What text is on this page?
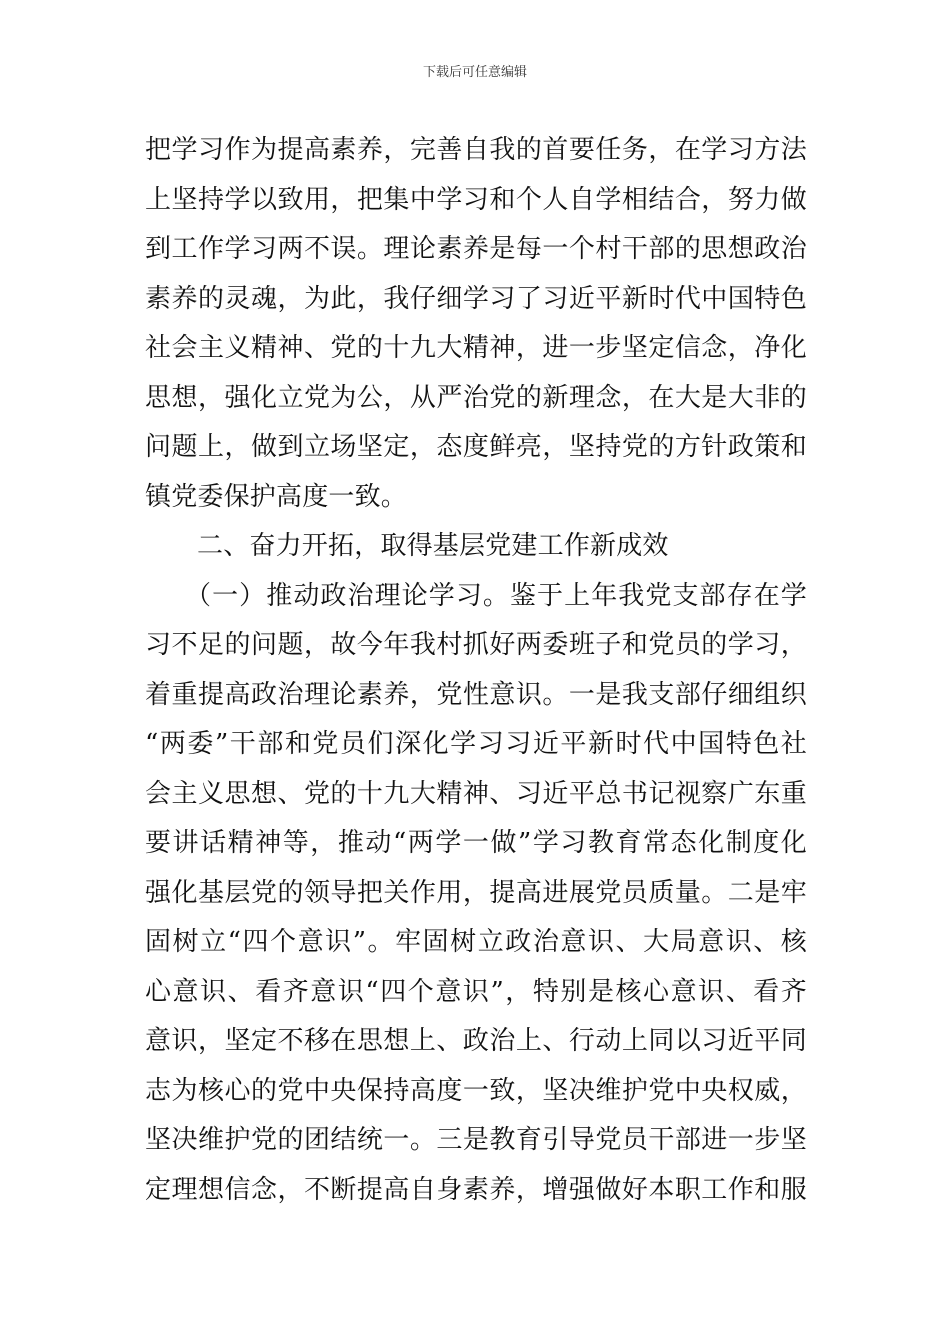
下载后可任意编辑
把学习作为提高素养，完善自我的首要任务，在学习方法
上坚持学以致用，把集中学习和个人自学相结合，努力做
到工作学习两不误。理论素养是每一个村干部的思想政治
素养的灵魂，为此，我仔细学习了习近平新时代中国特色
社会主义精神、党的十九大精神，进一步坚定信念，净化
思想，强化立党为公，从严治党的新理念，在大是大非的
问题上，做到立场坚定，态度鲜亮，坚持党的方针政策和
镇党委保护高度一致。
二、奋力开拓，取得基层党建工作新成效
（一）推动政治理论学习。鉴于上年我党支部存在学
习不足的问题，故今年我村抓好两委班子和党员的学习，
着重提高政治理论素养，党性意识。一是我支部仔细组织
“两委”干部和党员们深化学习习近平新时代中国特色社
会主义思想、党的十九大精神、习近平总书记视察广东重
要讲话精神等，推动“两学一做”学习教育常态化制度化
强化基层党的领导把关作用，提高进展党员质量。二是牢
固树立“四个意识”。牢固树立政治意识、大局意识、核
心意识、看齐意识“四个意识”，特别是核心意识、看齐
意识，坚定不移在思想上、政治上、行动上同以习近平同
志为核心的党中央保持高度一致，坚决维护党中央权威，
坚决维护党的团结统一。三是教育引导党员干部进一步坚
定理想信念，不断提高自身素养，增强做好本职工作和服
